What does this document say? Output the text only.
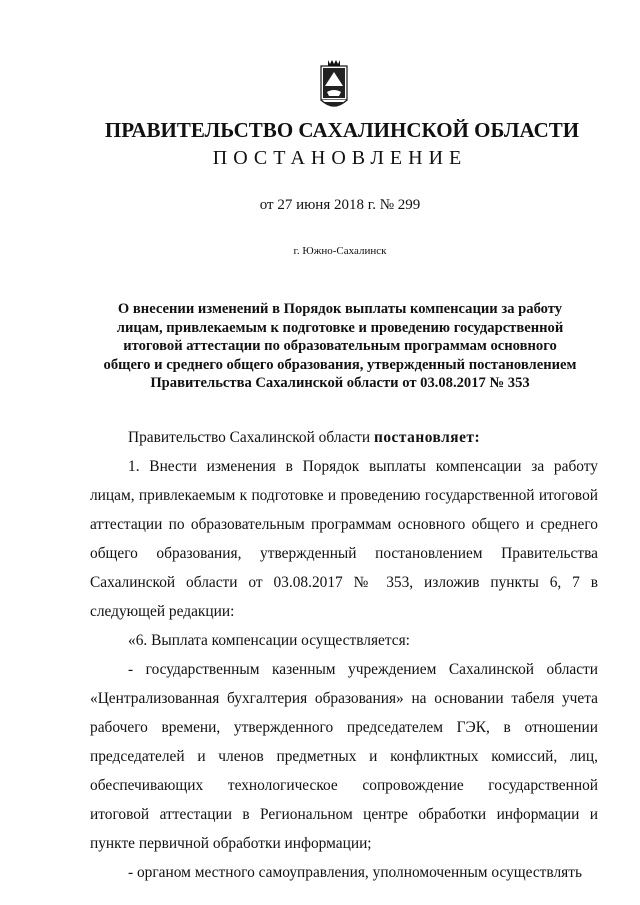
ПРАВИТЕЛЬСТВО САХАЛИНСКОЙ ОБЛАСТИ
ПОСТАНОВЛЕНИЕ
от 27 июня 2018 г. № 299
г. Южно-Сахалинск
О внесении изменений в Порядок выплаты компенсации за работу лицам, привлекаемым к подготовке и проведению государственной итоговой аттестации по образовательным программам основного общего и среднего общего образования, утвержденный постановлением Правительства Сахалинской области от 03.08.2017 № 353

Правительство Сахалинской области постановляет:

1. Внести изменения в Порядок выплаты компенсации за работу лицам, привлекаемым к подготовке и проведению государственной итоговой аттестации по образовательным программам основного общего и среднего общего образования, утвержденный постановлением Правительства Сахалинской области от 03.08.2017 № 353, изложив пункты 6, 7 в следующей редакции:

«6. Выплата компенсации осуществляется:

- государственным казенным учреждением Сахалинской области «Централизованная бухгалтерия образования» на основании табеля учета рабочего времени, утвержденного председателем ГЭК, в отношении председателей и членов предметных и конфликтных комиссий, лиц, обеспечивающих технологическое сопровождение государственной итоговой аттестации в Региональном центре обработки информации и пункте первичной обработки информации;

- органом местного самоуправления, уполномоченным осуществлять
